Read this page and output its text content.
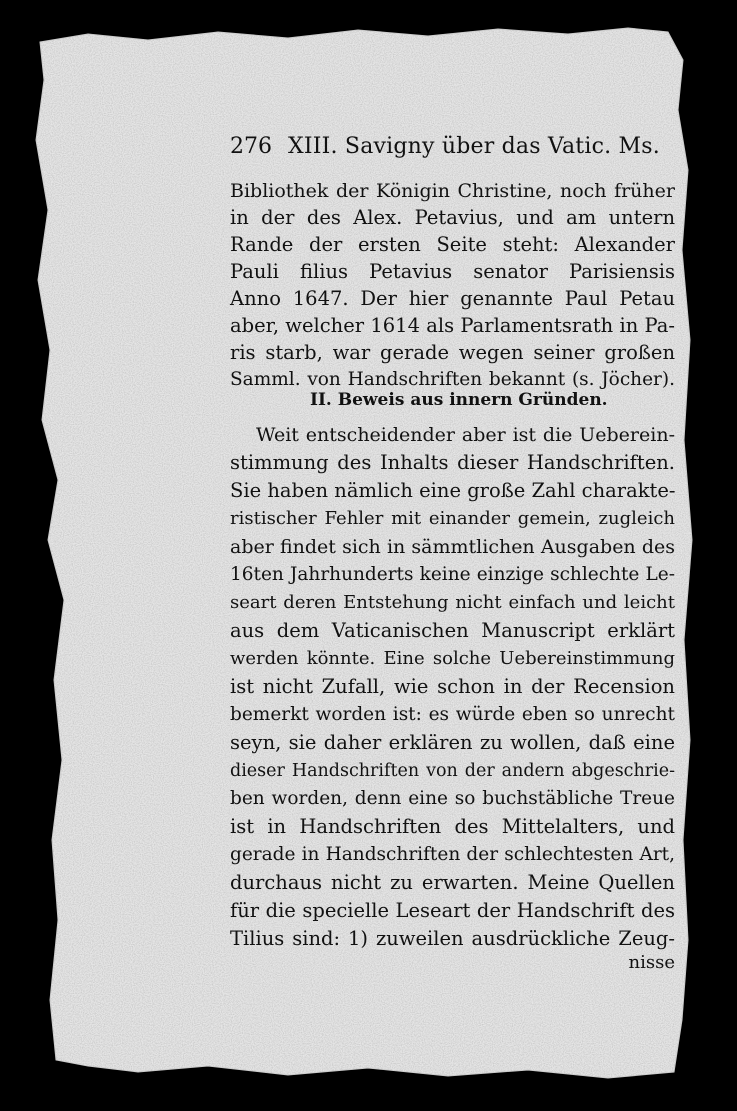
276 XIII. Savigny über das Vatic. Ms.
Bibliothek der Königin Christine, noch früher
in der des Alex. Petavius, und am untern
Rande der ersten Seite steht: Alexander
Pauli filius Petavius senator Parisiensis
Anno 1647. Der hier genannte Paul Petau
aber, welcher 1614 als Parlamentsrath in Pa-
ris starb, war gerade wegen seiner großen
Samml. von Handschriften bekannt (s. Jöcher).
II. Beweis aus innern Gründen.
Weit entscheidender aber ist die Ueberein-
stimmung des Inhalts dieser Handschriften.
Sie haben nämlich eine große Zahl charakte-
ristischer Fehler mit einander gemein, zugleich
aber findet sich in sämmtlichen Ausgaben des
16ten Jahrhunderts keine einzige schlechte Le-
seart deren Entstehung nicht einfach und leicht
aus dem Vaticanischen Manuscript erklärt
werden könnte. Eine solche Uebereinstimmung
ist nicht Zufall, wie schon in der Recension
bemerkt worden ist: es würde eben so unrecht
seyn, sie daher erklären zu wollen, daß eine
dieser Handschriften von der andern abgeschrie-
ben worden, denn eine so buchstäbliche Treue
ist in Handschriften des Mittelalters, und
gerade in Handschriften der schlechtesten Art,
durchaus nicht zu erwarten. Meine Quellen
für die specielle Leseart der Handschrift des
Tilius sind: 1) zuweilen ausdrückliche Zeug-
nisse
